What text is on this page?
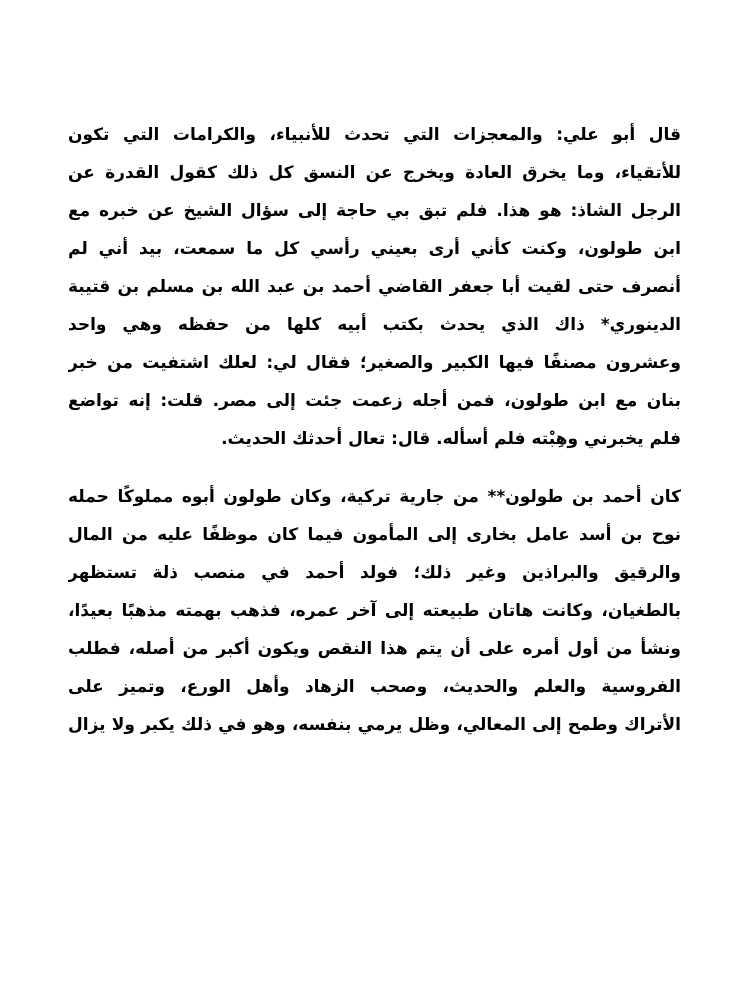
قال أبو علي: والمعجزات التي تحدث للأنبياء، والكرامات التي تكون
للأتقياء، وما يخرق العادة ويخرج عن النسق كل ذلك كقول القدرة عن
الرجل الشاذ: هو هذا. فلم تبق بي حاجة إلى سؤال الشيخ عن خبره مع
ابن طولون، وكنت كأني أرى بعيني رأسي كل ما سمعت، بيد أني لم
أنصرف حتى لقيت أبا جعفر القاضي أحمد بن عبد الله بن مسلم بن قتيبة
الدينوري* ذاك الذي يحدث بكتب أبيه كلها من حفظه وهي واحد
وعشرون مصنفًا فيها الكبير والصغير؛ فقال لي: لعلك اشتفيت من خبر
بنان مع ابن طولون، فمن أجله زعمت جئت إلى مصر. قلت: إنه تواضع
فلم يخبرني وهِبْته فلم أسأله. قال: تعال أحدثك الحديث.
كان أحمد بن طولون** من جارية تركية، وكان طولون أبوه مملوكًا حمله
نوح بن أسد عامل بخارى إلى المأمون فيما كان موظفًا عليه من المال
والرقيق والبراذين وغير ذلك؛ فولد أحمد في منصب ذلة تستظهر
بالطغيان، وكانت هاتان طبيعته إلى آخر عمره، فذهب بهمته مذهبًا بعيدًا،
ونشأ من أول أمره على أن يتم هذا النقص ويكون أكبر من أصله، فطلب
الفروسية والعلم والحديث، وصحب الزهاد وأهل الورع، وتميز على
الأتراك وطمح إلى المعالي، وظل يرمي بنفسه، وهو في ذلك يكبر ولا يزال
